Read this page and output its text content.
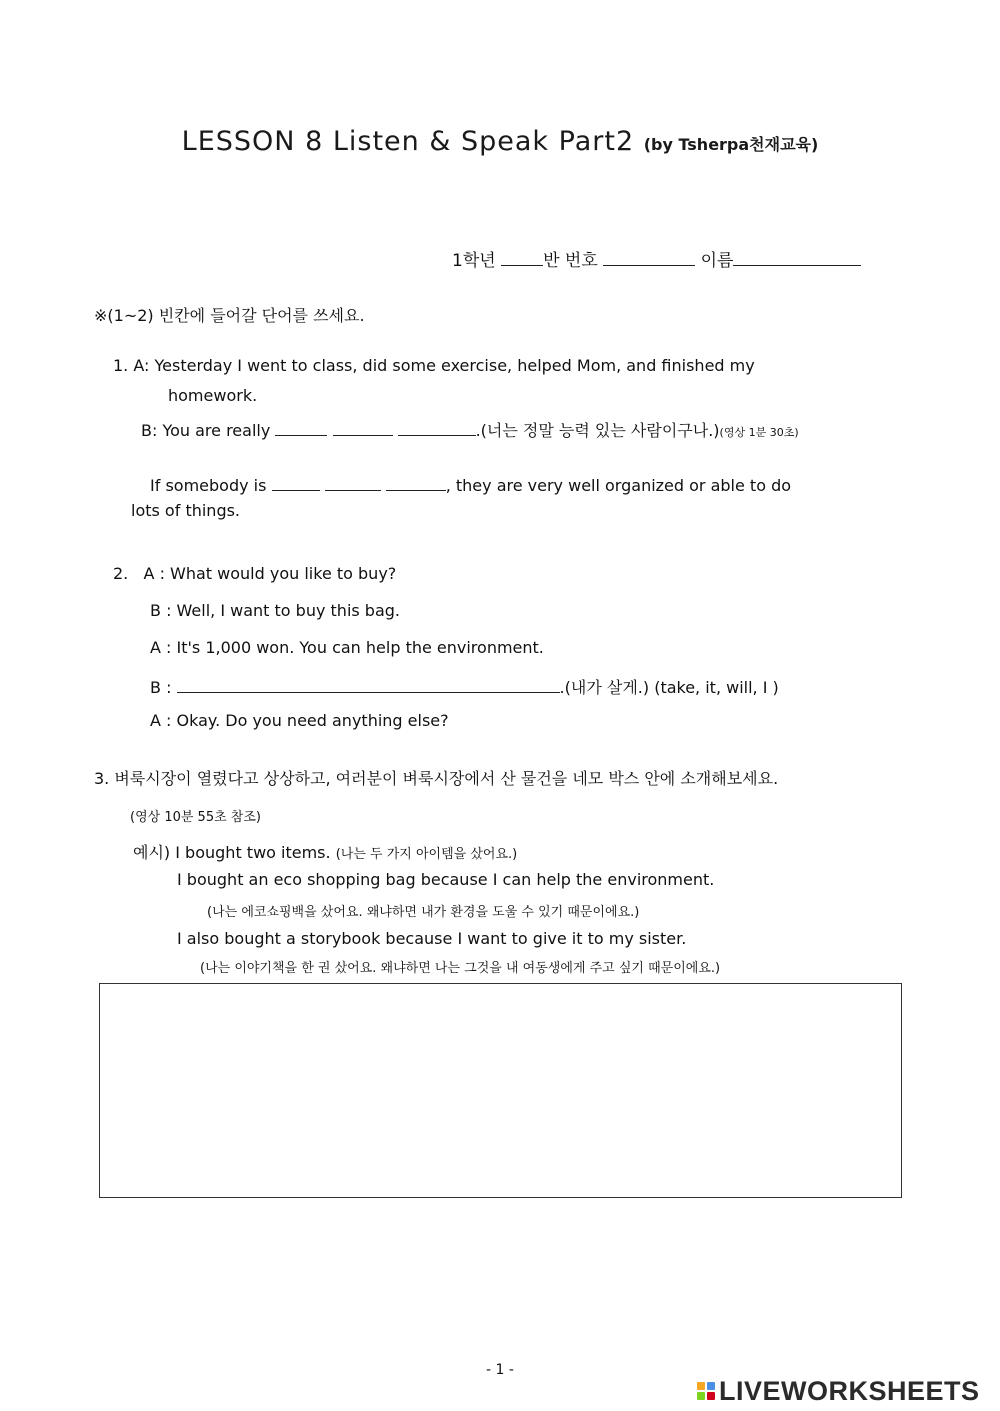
LESSON 8 Listen & Speak Part2 (by Tsherpa천재교육)
1학년	반 번호	이름
※(1~2) 빈칸에 들어갈 단어를 쓰세요.
1. A: Yesterday I went to class, did some exercise, helped Mom, and finished my
homework.
B: You are really	.(너는 정말 능력 있는 사람이구나.)(영상 1분 30초)
If somebody is	, they are very well organized or able to do
lots of things.
2. A : What would you like to buy?
B : Well, I want to buy this bag.
A : It's 1,000 won. You can help the environment.
B :	.(내가 살게.) (take, it, will, I )
A : Okay. Do you need anything else?
3. 벼룩시장이 열렸다고 상상하고, 여러분이 벼룩시장에서 산 물건을 네모 박스 안에 소개해보세요.
(영상 10분 55초 참조)
예시) I bought two items. (나는 두 가지 아이템을 샀어요.)
I bought an eco shopping bag because I can help the environment.
(나는 에코쇼핑백을 샀어요. 왜냐하면 내가 환경을 도울 수 있기 때문이에요.)
I also bought a storybook because I want to give it to my sister.
(나는 이야기책을 한 권 샀어요. 왜냐하면 나는 그것을 내 여동생에게 주고 싶기 때문이에요.)
- 1 -
LIVEWORKSHEETS
